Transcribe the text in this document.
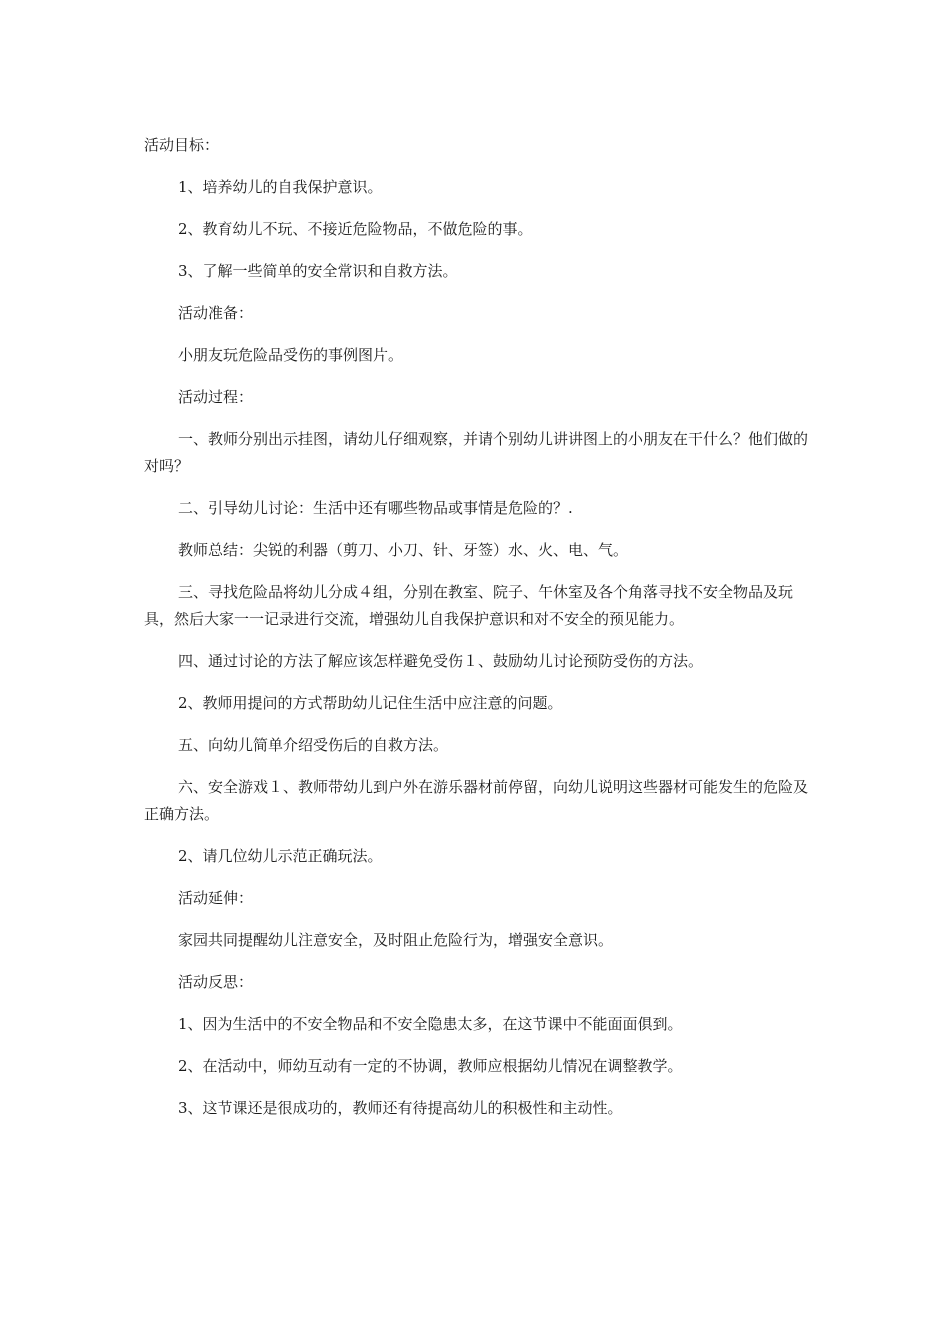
活动目标：

1、培养幼儿的自我保护意识。

2、教育幼儿不玩、不接近危险物品，不做危险的事。

3、了解一些简单的安全常识和自救方法。

活动准备：

小朋友玩危险品受伤的事例图片。

活动过程：

一、教师分别出示挂图，请幼儿仔细观察，并请个别幼儿讲讲图上的小朋友在干什么？他们做的对吗？

二、引导幼儿讨论：生活中还有哪些物品或事情是危险的？.

教师总结：尖锐的利器（剪刀、小刀、针、牙签）水、火、电、气。

三、寻找危险品将幼儿分成４组，分别在教室、院子、午休室及各个角落寻找不安全物品及玩具，然后大家一一记录进行交流，增强幼儿自我保护意识和对不安全的预见能力。

四、通过讨论的方法了解应该怎样避免受伤１、鼓励幼儿讨论预防受伤的方法。

2、教师用提问的方式帮助幼儿记住生活中应注意的问题。

五、向幼儿简单介绍受伤后的自救方法。

六、安全游戏１、教师带幼儿到户外在游乐器材前停留，向幼儿说明这些器材可能发生的危险及正确方法。

2、请几位幼儿示范正确玩法。

活动延伸：

家园共同提醒幼儿注意安全，及时阻止危险行为，增强安全意识。

活动反思：

1、因为生活中的不安全物品和不安全隐患太多，在这节课中不能面面俱到。

2、在活动中，师幼互动有一定的不协调，教师应根据幼儿情况在调整教学。

3、这节课还是很成功的，教师还有待提高幼儿的积极性和主动性。
